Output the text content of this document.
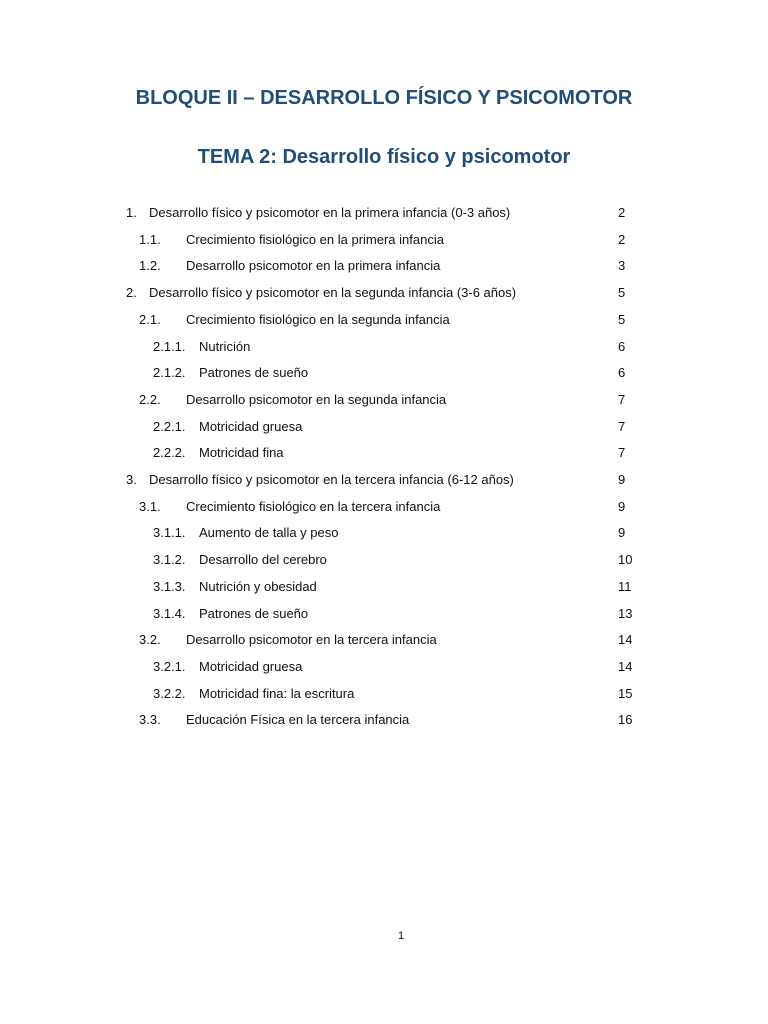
BLOQUE II – DESARROLLO FÍSICO Y PSICOMOTOR
TEMA 2: Desarrollo físico y psicomotor
1. Desarrollo físico y psicomotor en la primera infancia (0-3 años)	2
1.1. Crecimiento fisiológico en la primera infancia	2
1.2. Desarrollo psicomotor en la primera infancia	3
2. Desarrollo físico y psicomotor en la segunda infancia (3-6 años)	5
2.1. Crecimiento fisiológico en la segunda infancia	5
2.1.1. Nutrición	6
2.1.2. Patrones de sueño	6
2.2. Desarrollo psicomotor en la segunda infancia	7
2.2.1. Motricidad gruesa	7
2.2.2. Motricidad fina	7
3. Desarrollo físico y psicomotor en la tercera infancia (6-12 años)	9
3.1. Crecimiento fisiológico en la tercera infancia	9
3.1.1. Aumento de talla y peso	9
3.1.2. Desarrollo del cerebro	10
3.1.3. Nutrición y obesidad	11
3.1.4. Patrones de sueño	13
3.2. Desarrollo psicomotor en la tercera infancia	14
3.2.1. Motricidad gruesa	14
3.2.2. Motricidad fina: la escritura	15
3.3. Educación Física en la tercera infancia	16
1
